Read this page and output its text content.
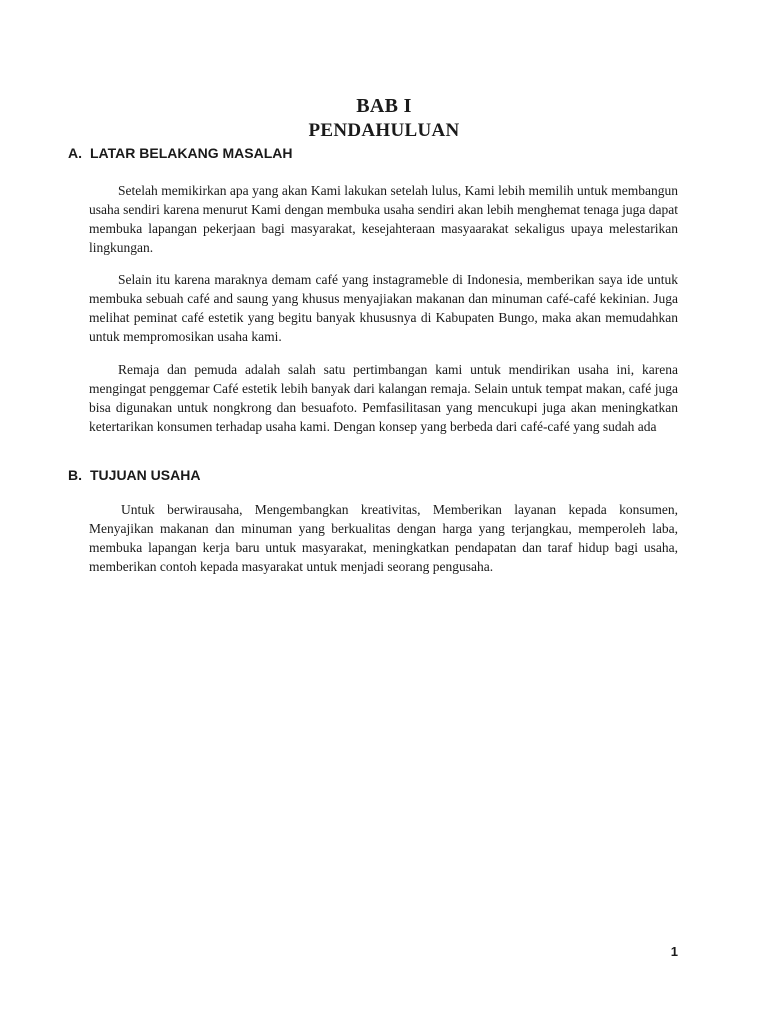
BAB I
PENDAHULUAN
A. LATAR BELAKANG MASALAH

Setelah memikirkan apa yang akan Kami lakukan setelah lulus, Kami lebih memilih untuk membangun usaha sendiri karena menurut Kami dengan membuka usaha sendiri akan lebih menghemat tenaga juga dapat membuka lapangan pekerjaan bagi masyarakat, kesejahteraan masyaarakat sekaligus upaya melestarikan lingkungan.

Selain itu karena maraknya demam café yang instagrameble di Indonesia, memberikan saya ide untuk membuka sebuah café and saung yang khusus menyajiakan makanan dan minuman café-café kekinian. Juga melihat peminat café estetik yang begitu banyak khususnya di Kabupaten Bungo, maka akan memudahkan untuk mempromosikan usaha kami.

Remaja dan pemuda adalah salah satu pertimbangan kami untuk mendirikan usaha ini, karena mengingat penggemar Café estetik lebih banyak dari kalangan remaja. Selain untuk tempat makan, café juga bisa digunakan untuk nongkrong dan besuafoto. Pemfasilitasan yang mencukupi juga akan meningkatkan ketertarikan konsumen terhadap usaha kami. Dengan konsep yang berbeda dari café-café yang sudah ada

B. TUJUAN USAHA

Untuk berwirausaha, Mengembangkan kreativitas, Memberikan layanan kepada konsumen, Menyajikan makanan dan minuman yang berkualitas dengan harga yang terjangkau, memperoleh laba, membuka lapangan kerja baru untuk masyarakat, meningkatkan pendapatan dan taraf hidup bagi usaha, memberikan contoh kepada masyarakat untuk menjadi seorang pengusaha.

1
